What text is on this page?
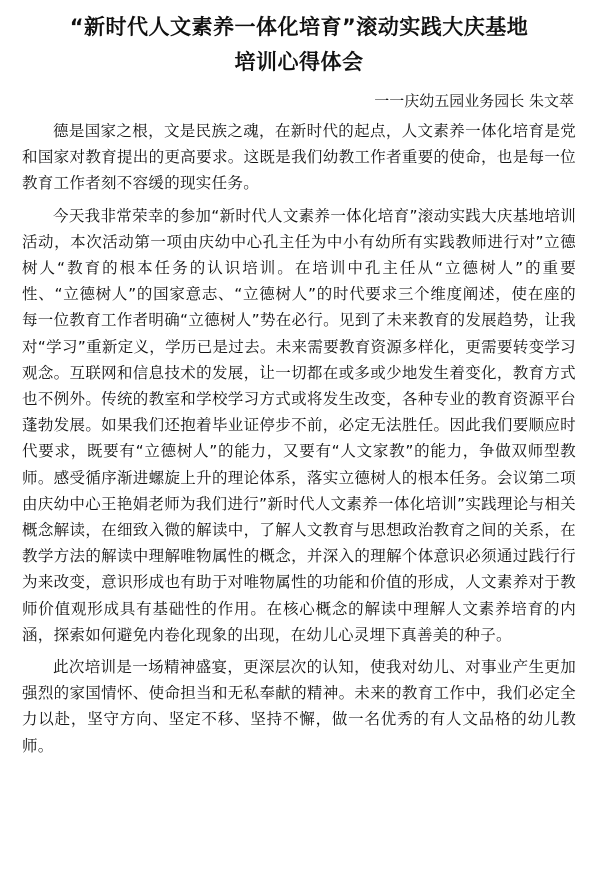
“新时代人文素养一体化培育”滚动实践大庆基地
培训心得体会
一一庆幼五园业务园长 朱文萃

德是国家之根，文是民族之魂，在新时代的起点，人文素养一体化培育是党和国家对教育提出的更高要求。这既是我们幼教工作者重要的使命，也是每一位教育工作者刻不容缓的现实任务。

今天我非常荣幸的参加“新时代人文素养一体化培育”滚动实践大庆基地培训活动，本次活动第一项由庆幼中心孔主任为中小有幼所有实践教师进行对”立德树人“教育的根本任务的认识培训。在培训中孔主任从“立德树人”的重要性、“立德树人”的国家意志、“立德树人”的时代要求三个维度阐述，使在座的每一位教育工作者明确“立德树人”势在必行。见到了未来教育的发展趋势，让我对“学习”重新定义，学历已是过去。未来需要教育资源多样化，更需要转变学习观念。互联网和信息技术的发展，让一切都在或多或少地发生着变化，教育方式也不例外。传统的教室和学校学习方式或将发生改变，各种专业的教育资源平台蓬勃发展。如果我们还抱着毕业证停步不前，必定无法胜任。因此我们要顺应时代要求，既要有“立德树人”的能力，又要有“人文家教”的能力，争做双师型教师。感受循序渐进螺旋上升的理论体系，落实立德树人的根本任务。会议第二项由庆幼中心王艳娟老师为我们进行”新时代人文素养一体化培训”实践理论与相关概念解读，在细致入微的解读中，了解人文教育与思想政治教育之间的关系，在教学方法的解读中理解唯物属性的概念，并深入的理解个体意识必须通过践行行为来改变，意识形成也有助于对唯物属性的功能和价值的形成，人文素养对于教师价值观形成具有基础性的作用。在核心概念的解读中理解人文素养培育的内涵，探索如何避免内卷化现象的出现，在幼儿心灵埋下真善美的种子。

此次培训是一场精神盛宴，更深层次的认知，使我对幼儿、对事业产生更加强烈的家国情怀、使命担当和无私奉献的精神。未来的教育工作中，我们必定全力以赴，坚守方向、坚定不移、坚持不懈，做一名优秀的有人文品格的幼儿教师。
